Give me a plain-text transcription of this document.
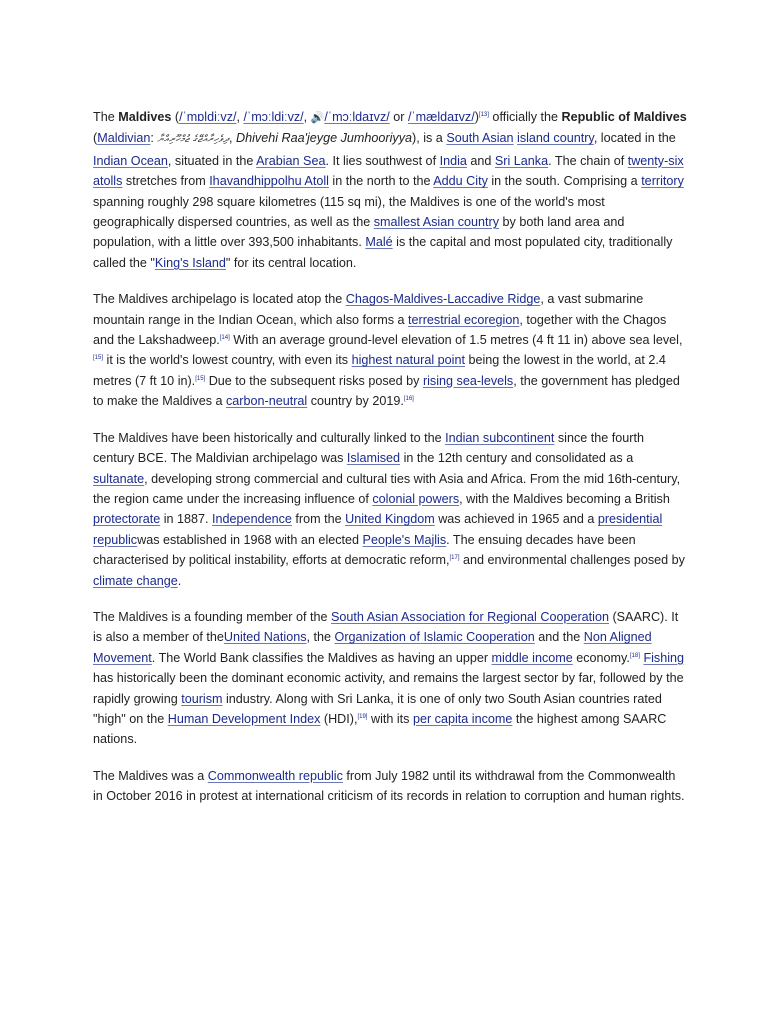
The Maldives (/ˈmɒldiːvz/, /ˈmɔːldiːvz/, 🔊/ˈmɔːldaɪvz/ or /ˈmældaɪvz/)[13] officially the Republic of Maldives (Maldivian: ދިވެހިރާއްޖޭގެ ޖުމްހޫރިއްޔާ, Dhivehi Raa'jeyge Jumhooriyya), is a South Asian island country, located in the Indian Ocean, situated in the Arabian Sea. It lies southwest of India and Sri Lanka. The chain of twenty-six atolls stretches from Ihavandhippolhu Atoll in the north to the Addu City in the south. Comprising a territory spanning roughly 298 square kilometres (115 sq mi), the Maldives is one of the world's most geographically dispersed countries, as well as the smallest Asian country by both land area and population, with a little over 393,500 inhabitants. Malé is the capital and most populated city, traditionally called the "King's Island" for its central location.

The Maldives archipelago is located atop the Chagos-Maldives-Laccadive Ridge, a vast submarine mountain range in the Indian Ocean, which also forms a terrestrial ecoregion, together with the Chagos and the Lakshadweep.[14] With an average ground-level elevation of 1.5 metres (4 ft 11 in) above sea level,[15] it is the world's lowest country, with even its highest natural point being the lowest in the world, at 2.4 metres (7 ft 10 in).[15] Due to the subsequent risks posed by rising sea-levels, the government has pledged to make the Maldives a carbon-neutral country by 2019.[16]

The Maldives have been historically and culturally linked to the Indian subcontinent since the fourth century BCE. The Maldivian archipelago was Islamised in the 12th century and consolidated as a sultanate, developing strong commercial and cultural ties with Asia and Africa. From the mid 16th-century, the region came under the increasing influence of colonial powers, with the Maldives becoming a British protectorate in 1887. Independence from the United Kingdom was achieved in 1965 and a presidential republicwas established in 1968 with an elected People's Majlis. The ensuing decades have been characterised by political instability, efforts at democratic reform,[17] and environmental challenges posed by climate change.

The Maldives is a founding member of the South Asian Association for Regional Cooperation (SAARC). It is also a member of theUnited Nations, the Organization of Islamic Cooperation and the Non Aligned Movement. The World Bank classifies the Maldives as having an upper middle income economy.[18] Fishing has historically been the dominant economic activity, and remains the largest sector by far, followed by the rapidly growing tourism industry. Along with Sri Lanka, it is one of only two South Asian countries rated "high" on the Human Development Index (HDI),[19] with its per capita income the highest among SAARC nations.

The Maldives was a Commonwealth republic from July 1982 until its withdrawal from the Commonwealth in October 2016 in protest at international criticism of its records in relation to corruption and human rights.
